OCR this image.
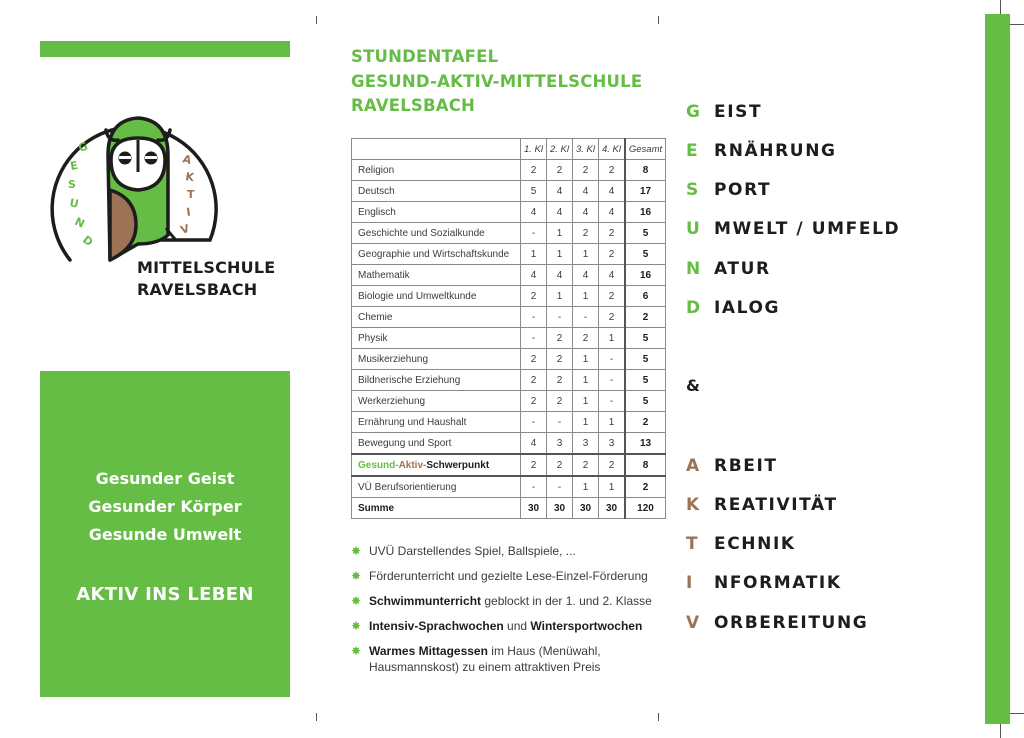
G
E
S
U
N
D
A
K
T
I
V
MITTELSCHULE
RAVELSBACH
Gesunder Geist
Gesunder Körper
Gesunde Umwelt
AKTIV INS LEBEN
STUNDENTAFEL
GESUND-AKTIV-MITTELSCHULE
RAVELSBACH
	1. Kl	2. Kl	3. Kl	4. Kl	Gesamt
Religion	2	2	2	2	8
Deutsch	5	4	4	4	17
Englisch	4	4	4	4	16
Geschichte und Sozialkunde	-	1	2	2	5
Geographie und Wirtschaftskunde	1	1	1	2	5
Mathematik	4	4	4	4	16
Biologie und Umweltkunde	2	1	1	2	6
Chemie	-	-	-	2	2
Physik	-	2	2	1	5
Musikerziehung	2	2	1	-	5
Bildnerische Erziehung	2	2	1	-	5
Werkerziehung	2	2	1	-	5
Ernährung und Haushalt	-	-	1	1	2
Bewegung und Sport	4	3	3	3	13
Gesund-Aktiv-Schwerpunkt	2	2	2	2	8
VÜ Berufsorientierung	-	-	1	1	2
Summe	30	30	30	30	120
✸ UVÜ Darstellendes Spiel, Ballspiele, ...
✸ Förderunterricht und gezielte Lese-Einzel-Förderung
✸ Schwimmunterricht geblockt in der 1. und 2. Klasse
✸ Intensiv-Sprachwochen und Wintersportwochen
✸ Warmes Mittagessen im Haus (Menüwahl,
Hausmannskost) zu einem attraktiven Preis
G EIST
E RNÄHRUNG
S PORT
U MWELT / UMFELD
N ATUR
D IALOG
&
A RBEIT
K REATIVITÄT
T ECHNIK
I NFORMATIK
V ORBEREITUNG
